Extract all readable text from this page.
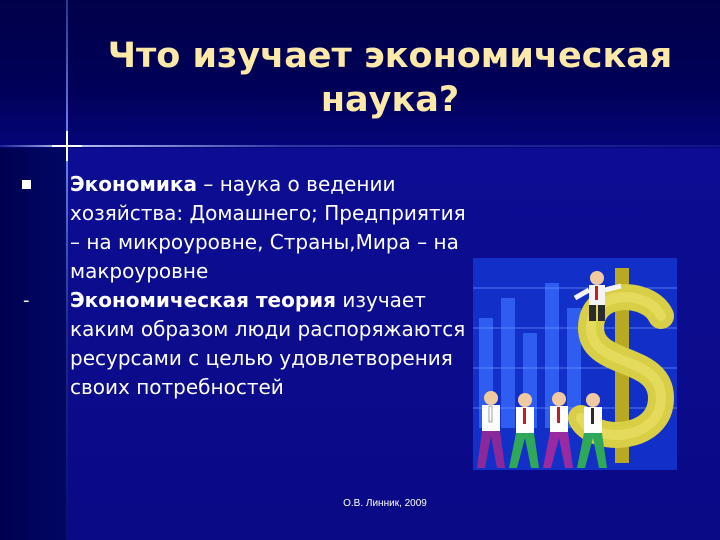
Что изучает экономическая
наука?
Экономика – наука о ведении хозяйства: Домашнего; Предприятия – на микроуровне, Страны,Мира – на макроуровне
-	Экономическая теория изучает каким образом люди распоряжаются ресурсами с целью удовлетворения своих потребностей
О.В. Линник, 2009
